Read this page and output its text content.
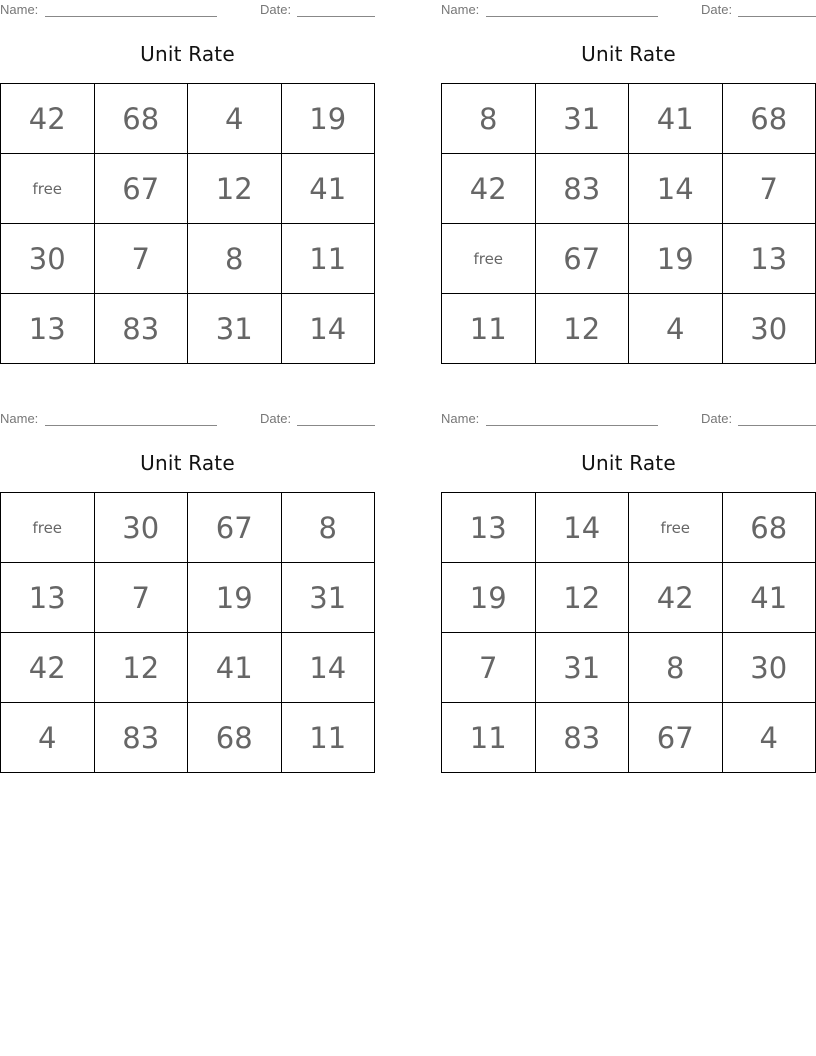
Name:	Date:
Unit Rate
42	68	4	19
free	67	12	41
30	7	8	11
13	83	31	14
Name:	Date:
Unit Rate
8	31	41	68
42	83	14	7
free	67	19	13
11	12	4	30
Name:	Date:
Unit Rate
free	30	67	8
13	7	19	31
42	12	41	14
4	83	68	11
Name:	Date:
Unit Rate
13	14	free	68
19	12	42	41
7	31	8	30
11	83	67	4
